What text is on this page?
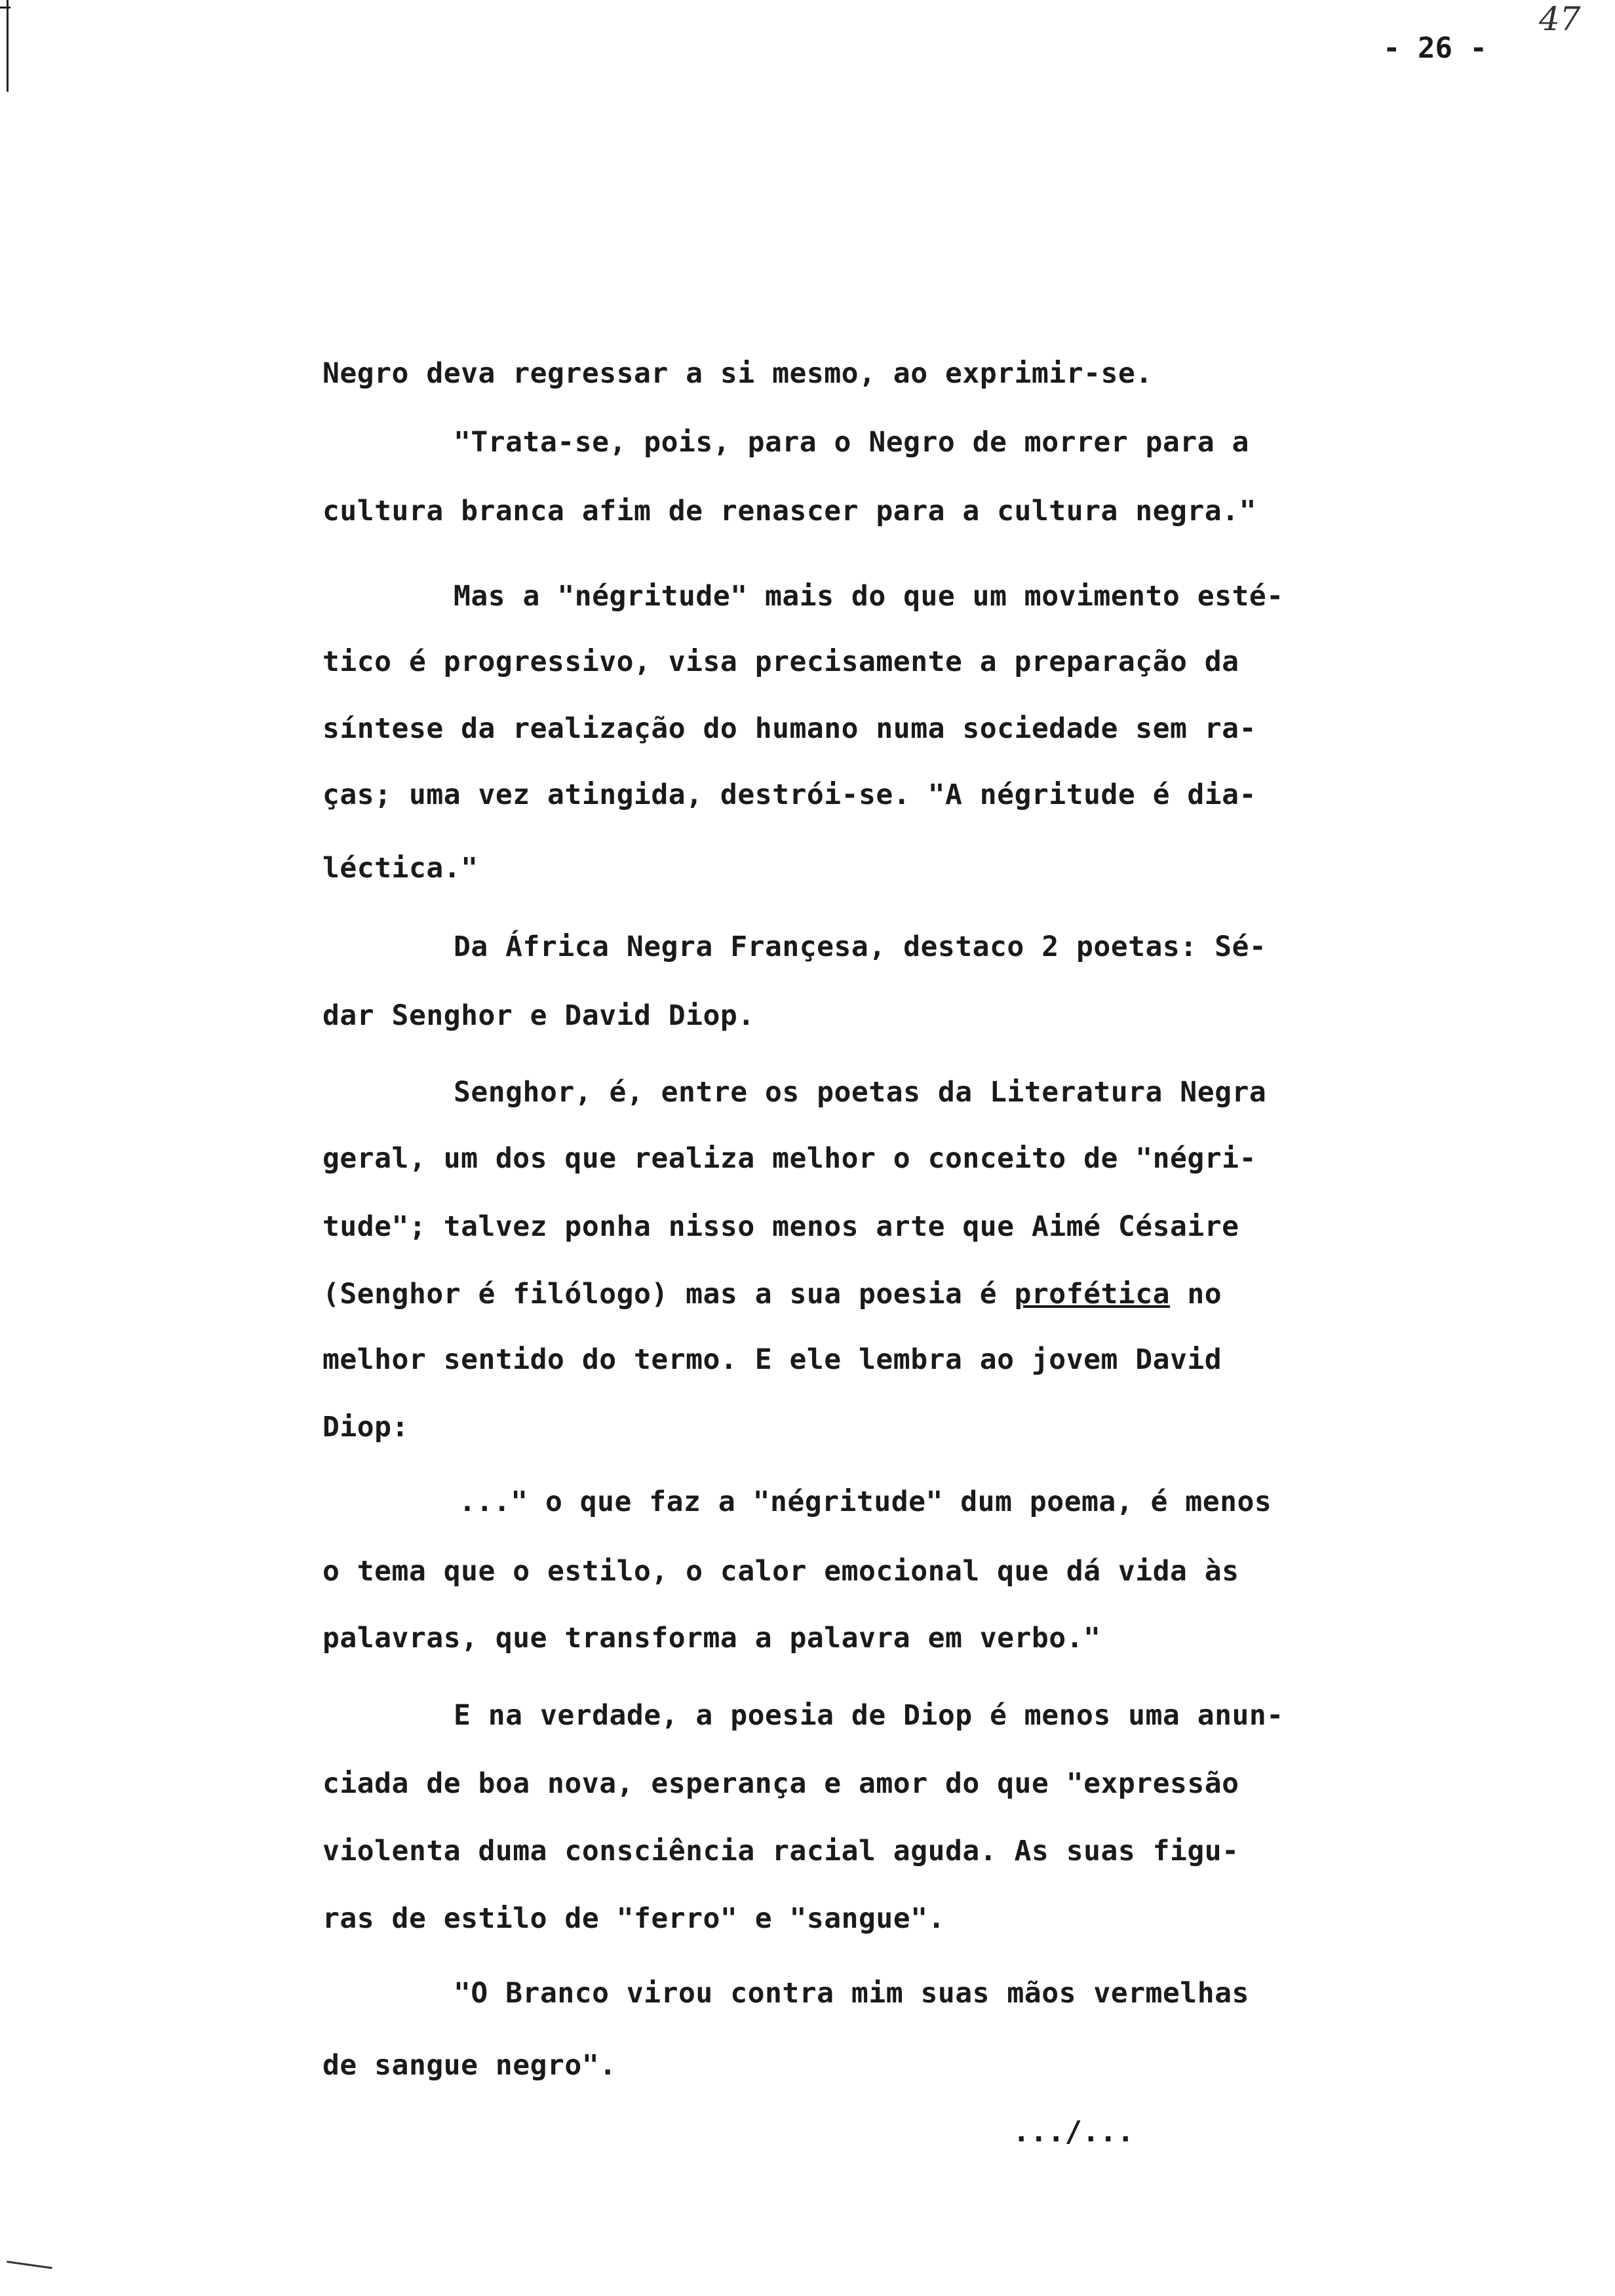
47
- 26 -
Negro deva regressar a si mesmo, ao exprimir-se.
"Trata-se, pois, para o Negro de morrer para a
cultura branca afim de renascer para a cultura negra."
Mas a "négritude" mais do que um movimento esté-
tico é progressivo, visa precisamente a preparação da
síntese da realização do humano numa sociedade sem ra-
ças; uma vez atingida, destrói-se. "A négritude é dia-
léctica."
Da África Negra Françesa, destaco 2 poetas: Sé-
dar Senghor e David Diop.
Senghor, é, entre os poetas da Literatura Negra
geral, um dos que realiza melhor o conceito de "négri-
tude"; talvez ponha nisso menos arte que Aimé Césaire
(Senghor é filólogo) mas a sua poesia é profética no
melhor sentido do termo. E ele lembra ao jovem David
Diop:
..." o que faz a "négritude" dum poema, é menos
o tema que o estilo, o calor emocional que dá vida às
palavras, que transforma a palavra em verbo."
E na verdade, a poesia de Diop é menos uma anun-
ciada de boa nova, esperança e amor do que "expressão
violenta duma consciência racial aguda. As suas figu-
ras de estilo de "ferro" e "sangue".
"O Branco virou contra mim suas mãos vermelhas
de sangue negro".
.../...
